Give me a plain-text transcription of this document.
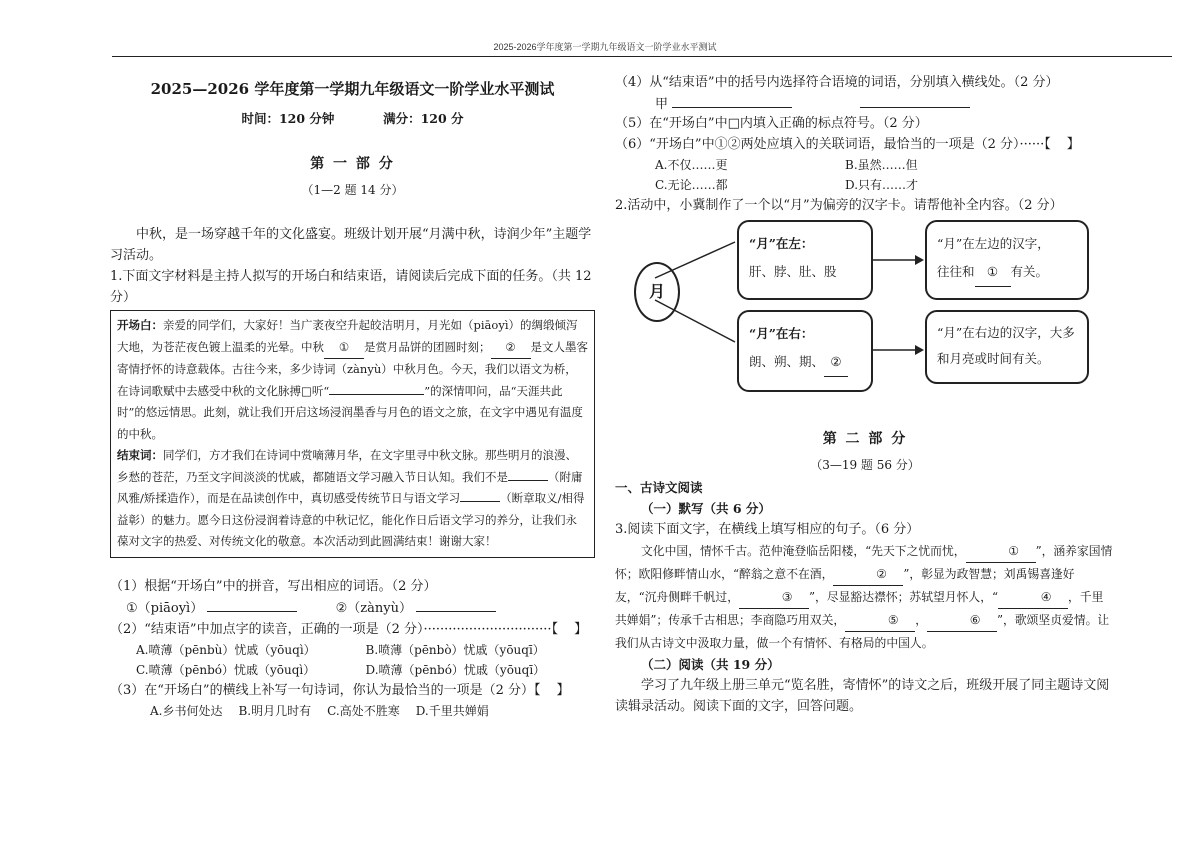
2025-2026学年度第一学期九年级语文一阶学业水平测试
2025—2026 学年度第一学期九年级语文一阶学业水平测试
时间：120 分钟	满分：120 分
第 一 部 分
（1—2 题 14 分）

中秋，是一场穿越千年的文化盛宴。班级计划开展“月满中秋，诗润少年”主题学习活动。

1.下面文字材料是主持人拟写的开场白和结束语，请阅读后完成下面的任务。（共 12 分）

开场白：亲爱的同学们，大家好！当广袤夜空升起皎洁明月，月光如（piāoyì）的绸缎倾泻大地，为苍茫夜色镀上温柔的光晕。中秋 ① 是赏月品饼的团圆时刻； ② 是文人墨客寄情抒怀的诗意载体。古往今来，多少诗词（zànyù）中秋月色。今天，我们以语文为桥，在诗词歌赋中去感受中秋的文化脉搏□听“	”的深情叩问，品“天涯共此时”的悠远情思。此刻，就让我们开启这场浸润墨香与月色的语文之旅，在文字中遇见有温度的中秋。
结束词：同学们，方才我们在诗词中赏嘀薄月华，在文字里寻中秋文脉。那些明月的浪漫、乡愁的苍茫，乃至文字间淡淡的忧戚，都随语文学习融入节日认知。我们不是	（附庸风雅/矫揉造作），而是在品读创作中，真切感受传统节日与语文学习	（断章取义/相得益彰）的魅力。愿今日这份浸润着诗意的中秋记忆，能化作日后语文学习的养分，让我们永葆对文字的热爱、对传统文化的敬意。本次活动到此圆满结束！谢谢大家！

（1）根据“开场白”中的拼音，写出相应的词语。（2 分）

①（piāoyì）	②（zànyù）

（2）“结束语”中加点字的读音，正确的一项是（2 分）·······························【 】

A.喷薄（pēnbù）忧戚（yōuqì）	B.喷薄（pēnbò）忧戚（yōuqī）
C.喷薄（pēnbó）忧戚（yōuqì）	D.喷薄（pēnbó）忧戚（yōuqī）

（3）在“开场白”的横线上补写一句诗词，你认为最恰当的一项是（2 分）【 】

A.乡书何处达 B.明月几时有 C.高处不胜寒 D.千里共婵娟

（4）从“结束语”中的括号内选择符合语境的词语，分别填入横线处。（2 分）

甲

（5）在“开场白”中□内填入正确的标点符号。（2 分）

（6）“开场白”中①②两处应填入的关联词语，最恰当的一项是（2 分）······【 】

A.不仅……更	B.虽然……但
C.无论……都	D.只有……才

2.活动中，小冀制作了一个以“月”为偏旁的汉字卡。请帮他补全内容。（2 分）

月
“月”在左：
肝、脖、肚、股
“月”在左边的汉字，
往往和 ① 有关。
“月”在右：
朗、朔、期、 ②
“月”在右边的汉字，大多和月亮或时间有关。
第 二 部 分
（3—19 题 56 分）

一、古诗文阅读

（一）默写（共 6 分）

3.阅读下面文字，在横线上填写相应的句子。（6 分）

文化中国，情怀千古。范仲淹登临岳阳楼，“先天下之忧而忧，	① ”，涵养家国情怀；欧阳修畔情山水，“醉翁之意不在酒，	② ”，彰显为政智慧；刘禹锡喜逢好友，“沉舟侧畔千帆过，	③ ”，尽显豁达襟怀；苏轼望月怀人，“	④ ，千里共婵娟”；传承千古相思；李商隐巧用双关，	⑤ ，	⑥ ”，歌颂坚贞爱情。让我们从古诗文中汲取力量，做一个有情怀、有格局的中国人。

（二）阅读（共 19 分）

学习了九年级上册三单元“览名胜，寄情怀”的诗文之后，班级开展了同主题诗文阅读辑录活动。阅读下面的文字，回答问题。
